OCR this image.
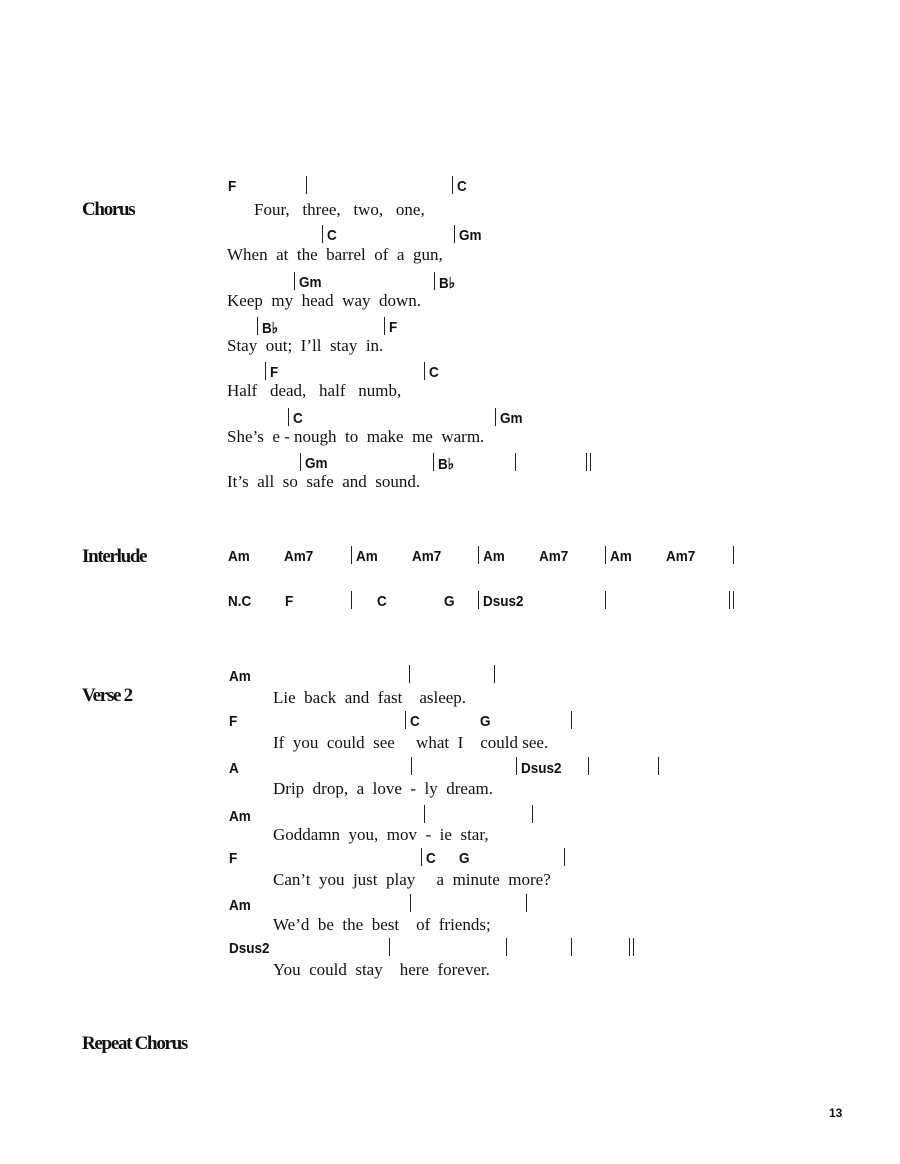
Chorus
Interlude
Verse 2
Repeat Chorus
F	C
Four,   three,   two,   one,
C	Gm
When  at  the  barrel  of  a  gun,
Gm	B♭
Keep  my  head  way  down.
B♭	F
Stay  out;  I’ll  stay  in.
F	C
Half   dead,   half   numb,
C	Gm
She’s  e - nough  to  make  me  warm.
Gm	B♭
It’s  all  so  safe  and  sound.
Am Am7	Am Am7	Am Am7	Am Am7
N.C F	C	G Dsus2
Am
Lie  back  and  fast    asleep.
F	C	G
If  you  could  see     what  I    could see.
A	Dsus2
Drip  drop,  a  love  -  ly  dream.
Am
Goddamn  you,  mov  -  ie  star,
F	C G
Can’t  you  just  play     a  minute  more?
Am
We’d  be  the  best    of  friends;
Dsus2
You  could  stay    here  forever.
13
